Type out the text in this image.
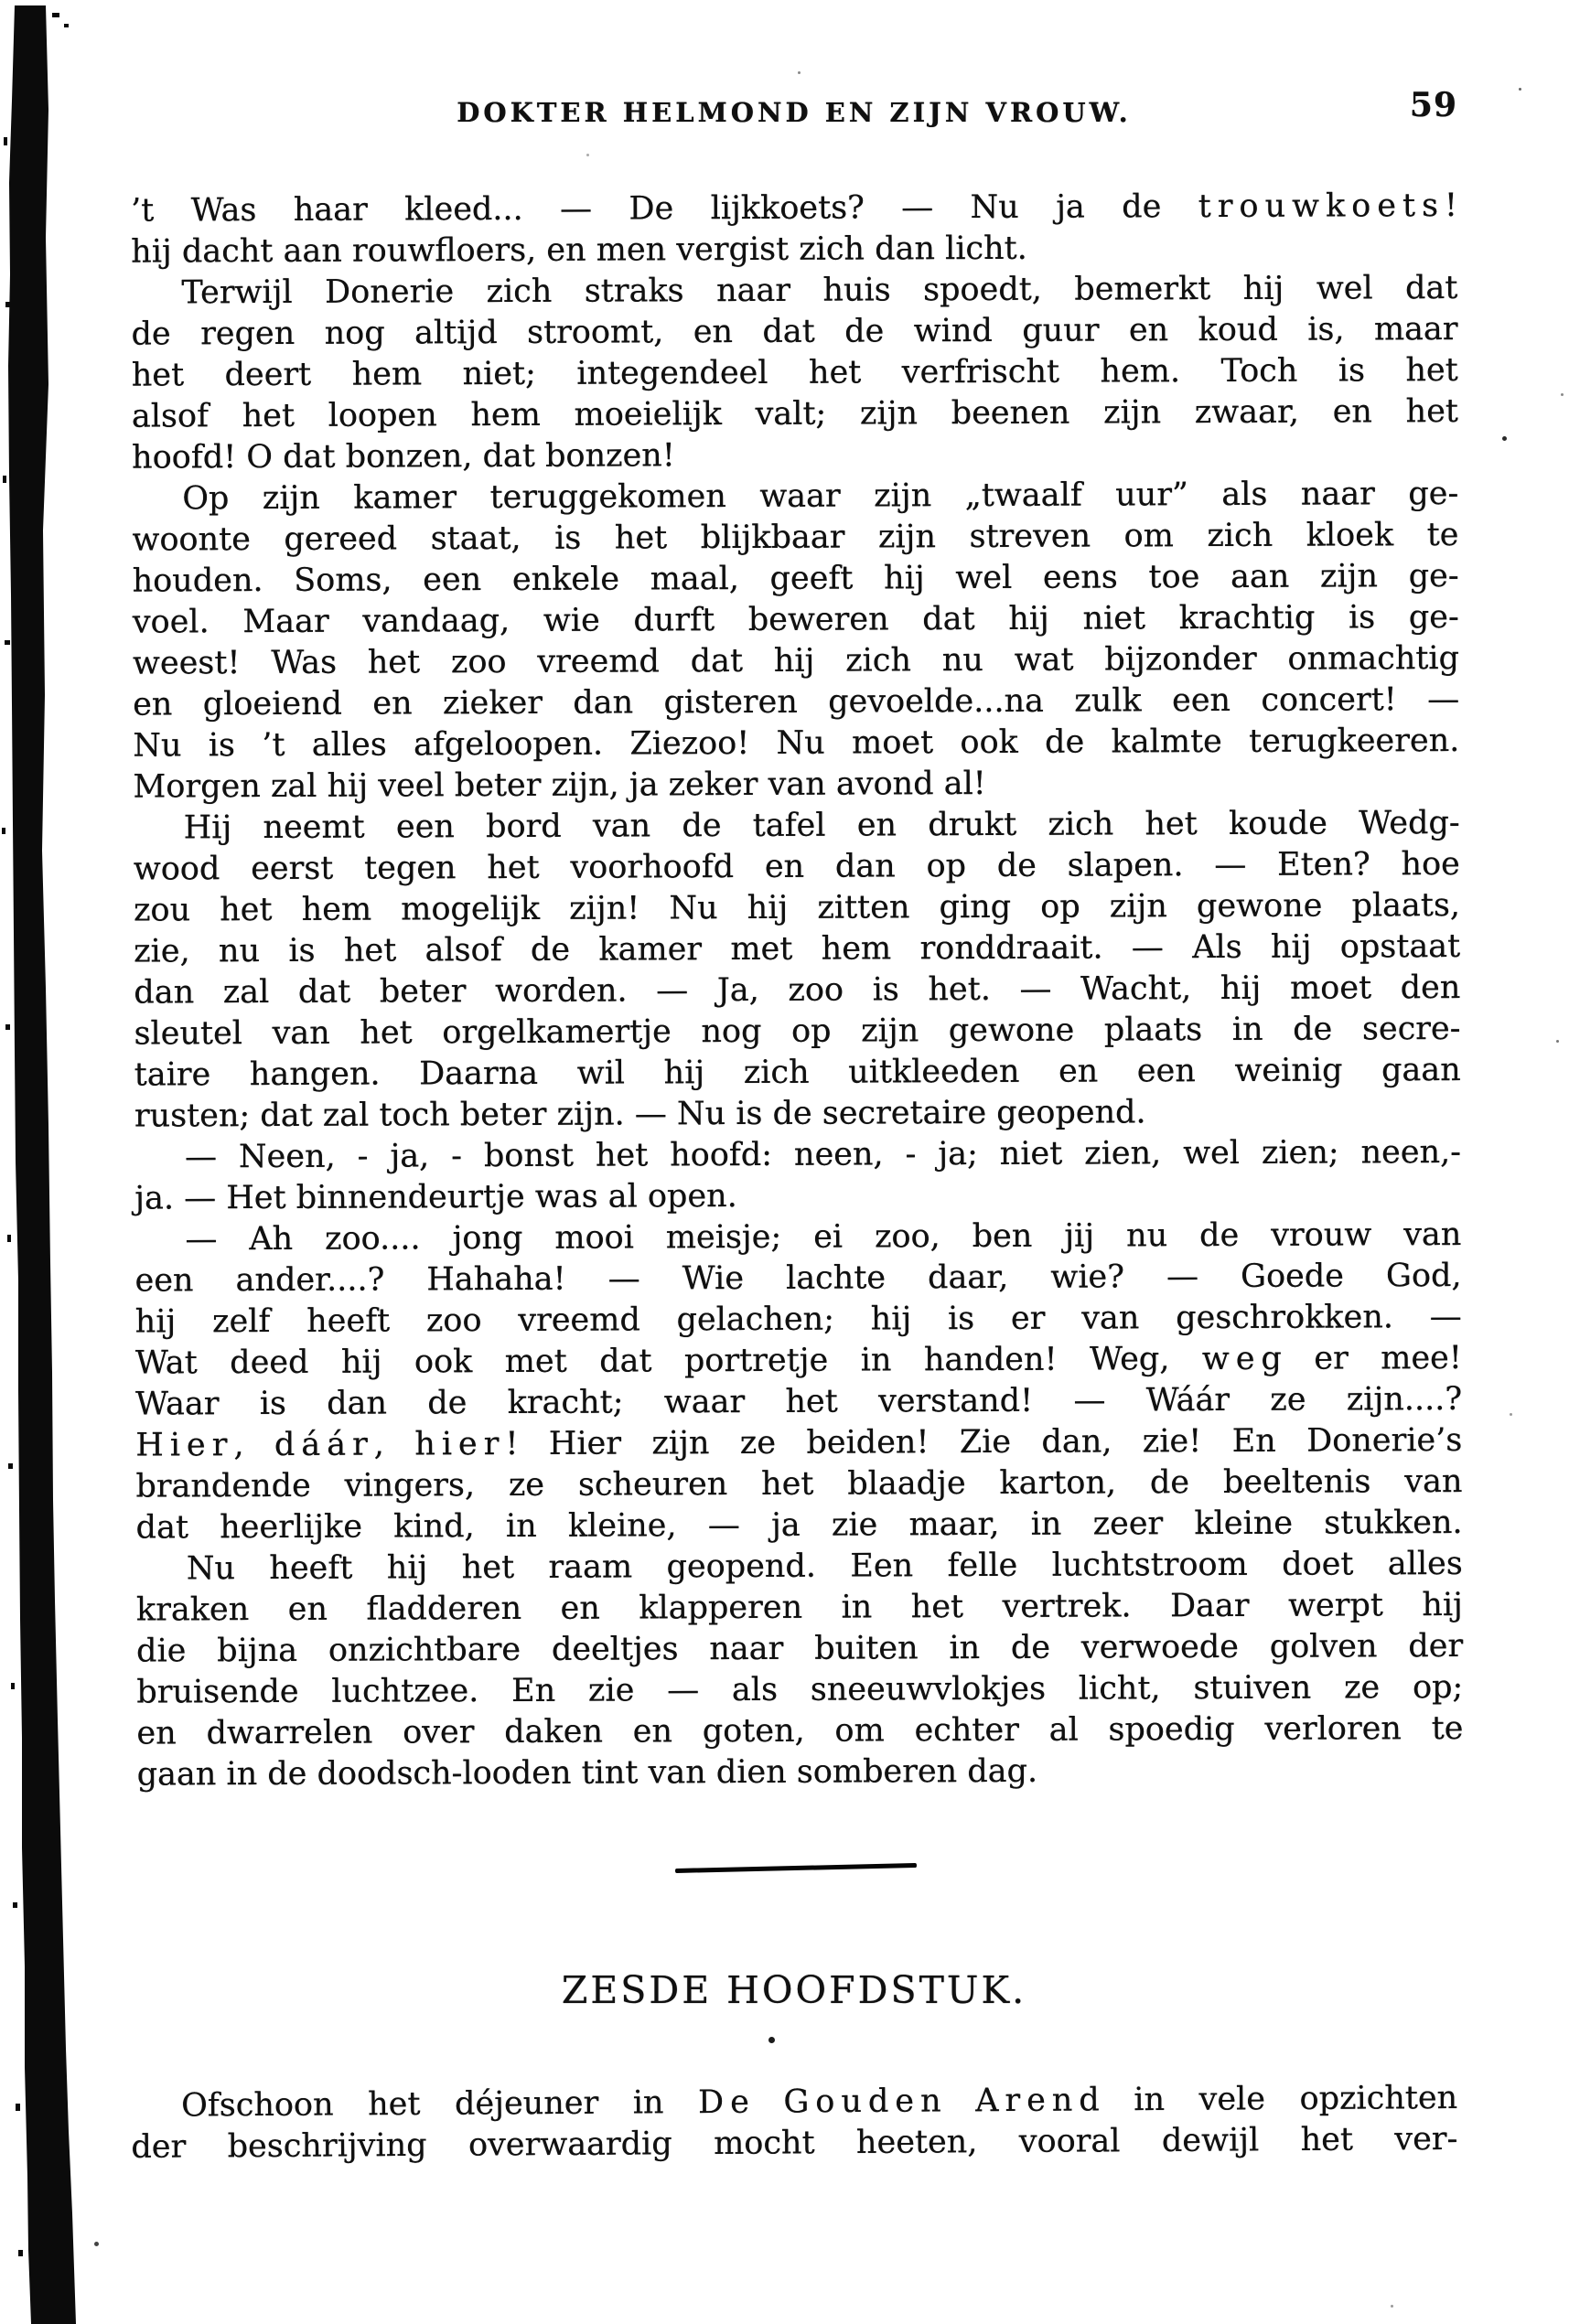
DOKTER HELMOND EN ZIJN VROUW.	59
’t Was haar kleed... — De lijkkoets? — Nu ja de t r o u w k o e t s !
hij dacht aan rouwfloers, en men vergist zich dan licht.
Terwijl Donerie zich straks naar huis spoedt, bemerkt hij wel dat
de regen nog altijd stroomt, en dat de wind guur en koud is, maar
het deert hem niet; integendeel het verfrischt hem. Toch is het
alsof het loopen hem moeielijk valt; zijn beenen zijn zwaar, en het
hoofd! O dat bonzen, dat bonzen!
Op zijn kamer teruggekomen waar zijn „twaalf uur” als naar ge-
woonte gereed staat, is het blijkbaar zijn streven om zich kloek te
houden. Soms, een enkele maal, geeft hij wel eens toe aan zijn ge-
voel. Maar vandaag, wie durft beweren dat hij niet krachtig is ge-
weest! Was het zoo vreemd dat hij zich nu wat bijzonder onmachtig
en gloeiend en zieker dan gisteren gevoelde...na zulk een concert! —
Nu is ’t alles afgeloopen. Ziezoo! Nu moet ook de kalmte terugkeeren.
Morgen zal hij veel beter zijn, ja zeker van avond al!
Hij neemt een bord van de tafel en drukt zich het koude Wedg-
wood eerst tegen het voorhoofd en dan op de slapen. — Eten? hoe
zou het hem mogelijk zijn! Nu hij zitten ging op zijn gewone plaats,
zie, nu is het alsof de kamer met hem ronddraait. — Als hij opstaat
dan zal dat beter worden. — Ja, zoo is het. — Wacht, hij moet den
sleutel van het orgelkamertje nog op zijn gewone plaats in de secre-
taire hangen. Daarna wil hij zich uitkleeden en een weinig gaan
rusten; dat zal toch beter zijn. — Nu is de secretaire geopend.
— Neen, - ja, - bonst het hoofd: neen, - ja; niet zien, wel zien; neen,-
ja. — Het binnendeurtje was al open.
— Ah zoo.... jong mooi meisje; ei zoo, ben jij nu de vrouw van
een ander....? Hahaha! — Wie lachte daar, wie? — Goede God,
hij zelf heeft zoo vreemd gelachen; hij is er van geschrokken. —
Wat deed hij ook met dat portretje in handen! Weg, w e g er mee!
Waar is dan de kracht; waar het verstand! — Wáár ze zijn....?
H i e r , d á á r , h i e r ! Hier zijn ze beiden! Zie dan, zie! En Donerie’s
brandende vingers, ze scheuren het blaadje karton, de beeltenis van
dat heerlijke kind, in kleine, — ja zie maar, in zeer kleine stukken.
Nu heeft hij het raam geopend. Een felle luchtstroom doet alles
kraken en fladderen en klapperen in het vertrek. Daar werpt hij
die bijna onzichtbare deeltjes naar buiten in de verwoede golven der
bruisende luchtzee. En zie — als sneeuwvlokjes licht, stuiven ze op;
en dwarrelen over daken en goten, om echter al spoedig verloren te
gaan in de doodsch-looden tint van dien somberen dag.
ZESDE HOOFDSTUK.
Ofschoon het déjeuner in D e G o u d e n A r e n d in vele opzichten
der beschrijving overwaardig mocht heeten, vooral dewijl het ver-
